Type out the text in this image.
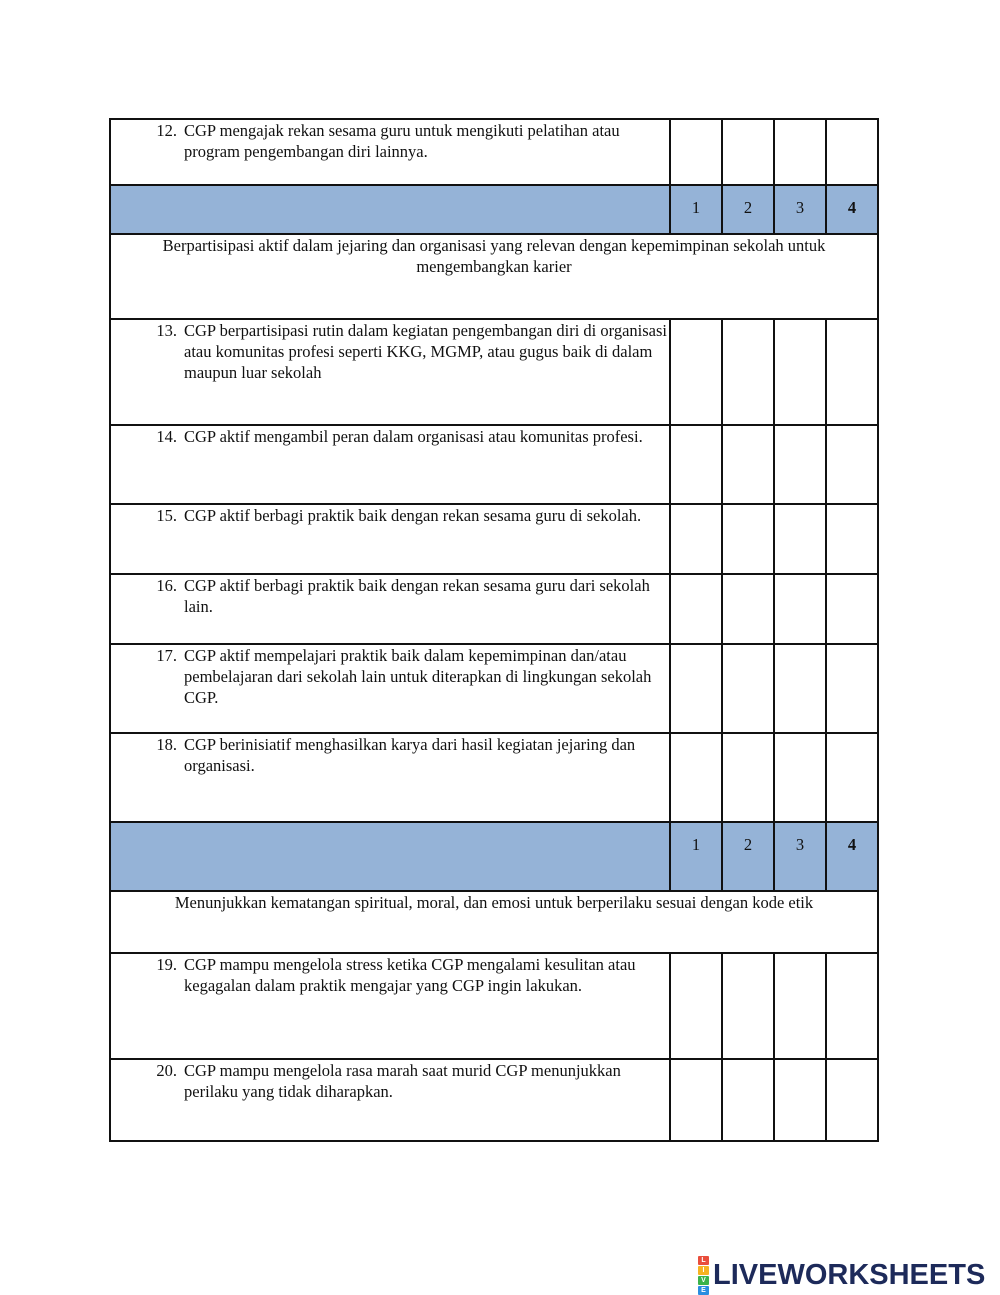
12. CGP mengajak rekan sesama guru untuk mengikuti pelatihan atau program pengembangan diri lainnya.				

	1	2	3	4
Berpartisipasi aktif dalam jejaring dan organisasi yang relevan dengan kepemimpinan sekolah untuk mengembangkan karier				

13. CGP berpartisipasi rutin dalam kegiatan pengembangan diri di organisasi atau komunitas profesi seperti KKG, MGMP, atau gugus baik di dalam maupun luar sekolah				

14. CGP aktif mengambil peran dalam organisasi atau komunitas profesi.				

15. CGP aktif berbagi praktik baik dengan rekan sesama guru di sekolah.				

16. CGP aktif berbagi praktik baik dengan rekan sesama guru dari sekolah lain.				

17. CGP aktif mempelajari praktik baik dalam kepemimpinan dan/atau pembelajaran dari sekolah lain untuk diterapkan di lingkungan sekolah CGP.				

18. CGP berinisiatif menghasilkan karya dari hasil kegiatan jejaring dan organisasi.				

	1	2	3	4
Menunjukkan kematangan spiritual, moral, dan emosi untuk berperilaku sesuai dengan kode etik				

19. CGP mampu mengelola stress ketika CGP mengalami kesulitan atau kegagalan dalam praktik mengajar yang CGP ingin lakukan.				

20. CGP mampu mengelola rasa marah saat murid CGP menunjukkan perilaku yang tidak diharapkan.				

L
I
V
E LIVEWORKSHEETS
